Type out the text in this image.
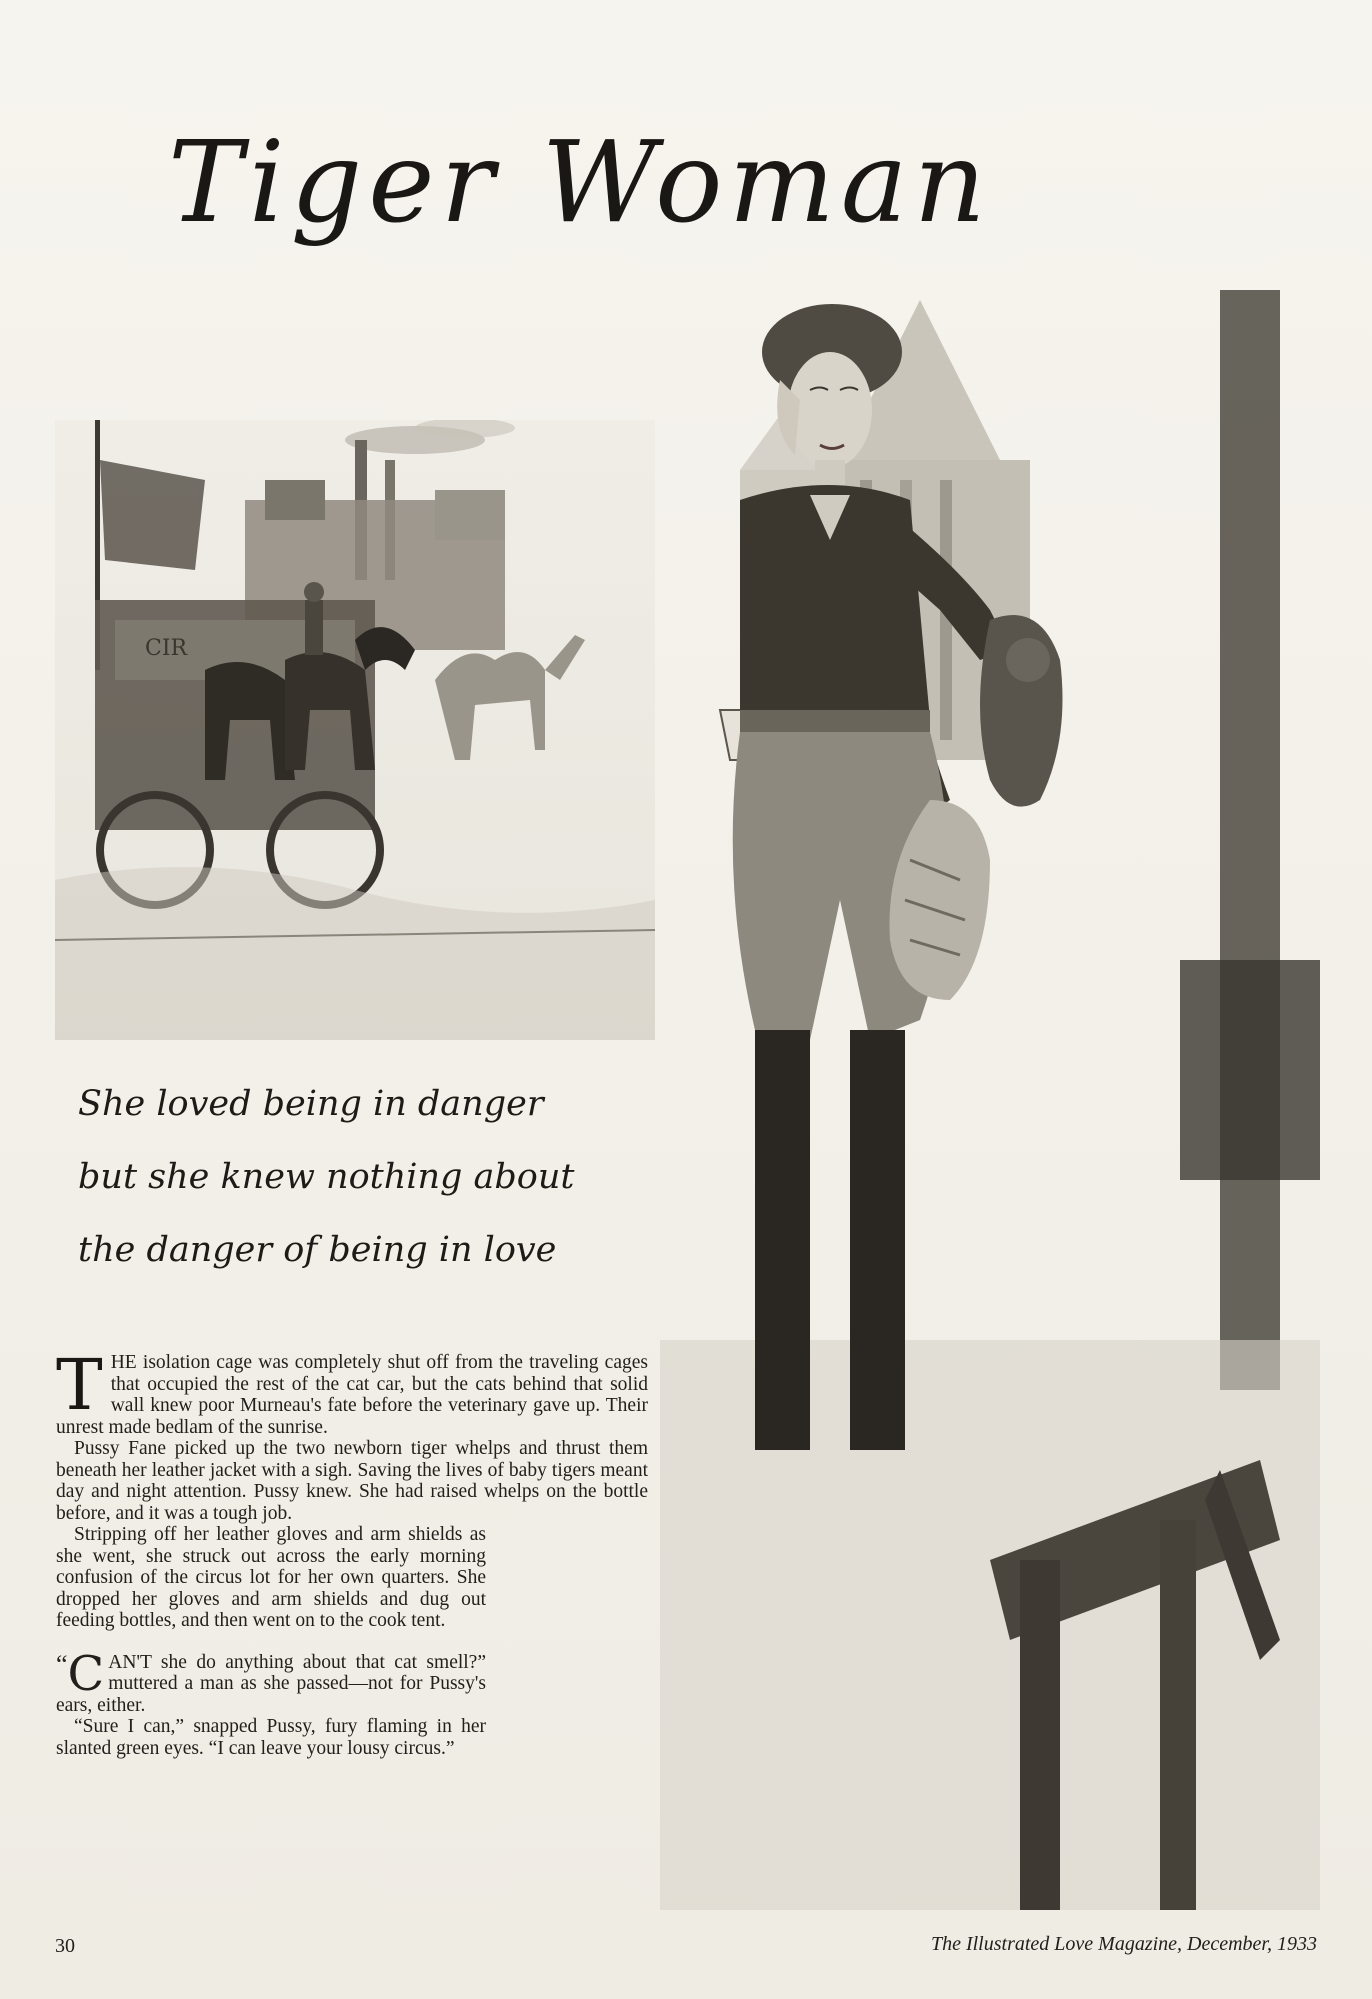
Tiger Woman
CIR
She loved being in danger
but she knew nothing about
the danger of being in love
T HE isolation cage was completely shut off from the traveling cages that occupied the rest of the cat car, but the cats behind that solid wall knew poor Murneau's fate before the veterinary gave up. Their unrest made bedlam of the sunrise.

Pussy Fane picked up the two newborn tiger whelps and thrust them beneath her leather jacket with a sigh. Saving the lives of baby tigers meant day and night attention. Pussy knew. She had raised whelps on the bottle before, and it was a tough job.

Stripping off her leather gloves and arm shields as she went, she struck out across the early morning confusion of the circus lot for her own quarters. She dropped her gloves and arm shields and dug out feeding bottles, and then went on to the cook tent.

“ C AN'T she do anything about that cat smell?” muttered a man as she passed—not for Pussy's ears, either.

“Sure I can,” snapped Pussy, fury flaming in her slanted green eyes. “I can leave your lousy circus.”

30	The Illustrated Love Magazine, December, 1933
